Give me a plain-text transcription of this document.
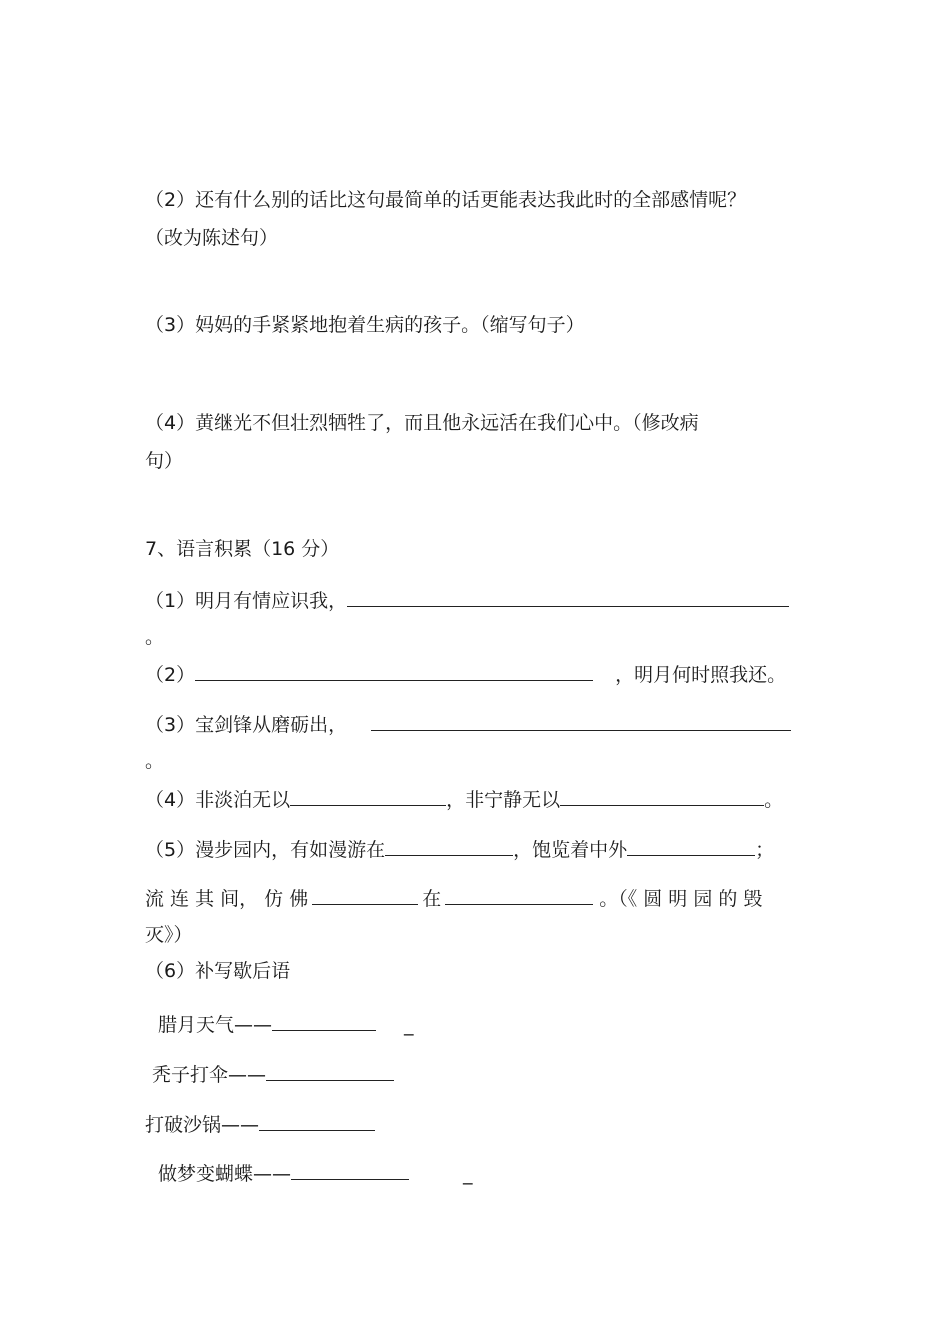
（2）还有什么别的话比这句最简单的话更能表达我此时的全部感情呢？
（改为陈述句）
（3）妈妈的手紧紧地抱着生病的孩子。（缩写句子）
（4）黄继光不但壮烈牺牲了，而且他永远活在我们心中。（修改病
句）
7、语言积累（16 分）
（1）明月有情应识我，
。
（2）	，明月何时照我还。
（3）宝剑锋从磨砺出，
。
（4）非淡泊无以	，非宁静无以	。
（5）漫步园内，有如漫游在	，饱览着中外	；
流 连 其 间， 仿 佛	在	。（《 圆 明 园 的 毁
灭》）
（6）补写歇后语
腊月天气——	_
秃子打伞——
打破沙锅——
做梦变蝴蝶——	_
